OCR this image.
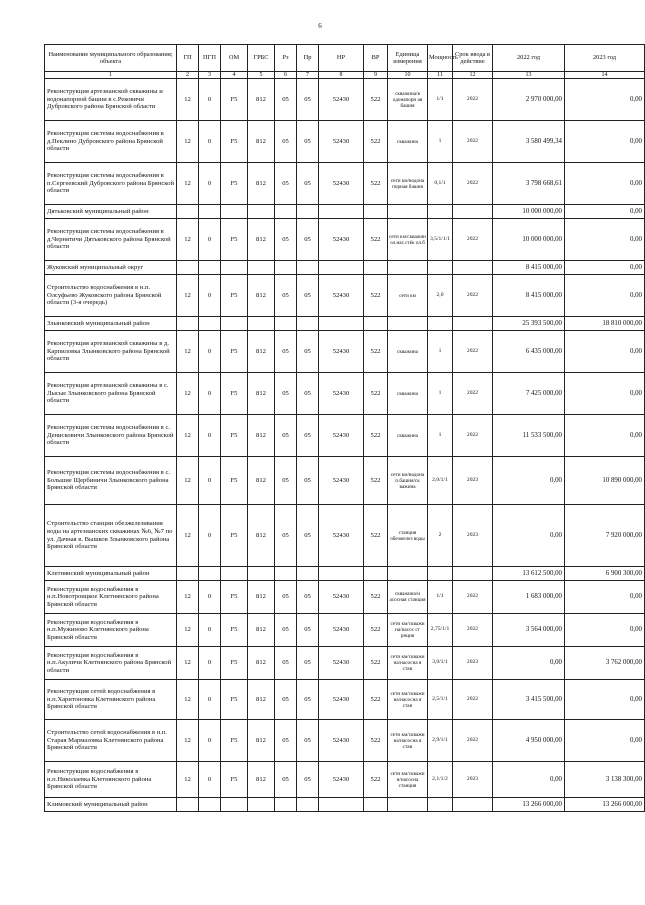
6
Наименование муниципального образования; объекта	ГП	ПГП	ОМ	ГРБС	Рз	Пр	НР	ВР	Единица измерения	Мощность	Срок ввода в действие	2022 год	2023 год
1	2	3	4	5	6	7	8	9	10	11	12	13	14
Реконструкция артезианской скважины и водонапорной башни в с.Рековичи Дубровского района Брянской области	12	0	F5	812	05	05	52430	522	скважина/в одонапорн ая башня	1/1	2022	2 970 000,00	0,00
Реконструкция системы водоснабжения в д.Пеклино Дубровского района Брянской области	12	0	F5	812	05	05	52430	522	скважина	1	2022	3 580 499,34	0,00
Реконструкция системы водоснабжения в п.Сергеевский Дубровского района Брянской области	12	0	F5	812	05	05	52430	522	сети км/водона порная башня	0,1/1	2022	3 798 668,61	0,00
Дятьковский муниципальный район												10 000 000,00	0,00
Реконструкция системы водоснабжения в д.Чернятичи Дятьковского района Брянской области	12	0	F5	812	05	05	52430	522	сети км/скважин ол.нас.стёк ол.б	3,5/1/1/1	2022	10 000 000,00	0,00
Жуковский муниципальный округ												8 415 000,00	0,00
Строительство водоснабжения в н.п. Олсуфьево Жуковского района Брянской области (3-я очередь)	12	0	F5	812	05	05	52430	522	сети км	2,0	2022	8 415 000,00	0,00
Злынковский муниципальный район												25 393 500,00	18 810 000,00
Реконструкция артезианской скважины в д. Карпиловка Злынковского района Брянской области	12	0	F5	812	05	05	52430	522	скважина	1	2022	6 435 000,00	0,00
Реконструкция артезианской скважины в с. Лысые Злынковского района Брянской области	12	0	F5	812	05	05	52430	522	скважина	1	2022	7 425 000,00	0,00
Реконструкция системы водоснабжения в с. Денисковичи Злынковского района Брянской области	12	0	F5	812	05	05	52430	522	скважина	1	2022	11 533 500,00	0,00
Реконструкция системы водоснабжения в с. Большие Щербиничи Злынковского района Брянской области	12	0	F5	812	05	05	52430	522	сети км/водона п.башня/ск важина	2,0/1/1	2023	0,00	10 890 000,00
Строительство станции обезжелезивания воды на артезианских скважинах №6, №7 по ул. Дачная в. Вышков Злынковского района Брянской области	12	0	F5	812	05	05	52430	522	станция обезжелез воды	2	2023	0,00	7 920 000,00
Клетнянский муниципальный район												13 612 500,00	6 900 300,00
Реконструкция водоснабжения в н.п.Новотроицкое Клетнянского района Брянской области	12	0	F5	812	05	05	52430	522	скважина/н асосная станция	1/1	2022	1 683 000,00	0,00
Реконструкция водоснабжения в н.п.Мужиново Клетнянского района Брянской области	12	0	F5	812	05	05	52430	522	сети км/скважи на/насос ст рнция	2,75/1/1	2022	3 564 000,00	0,00
Реконструкция водоснабжения в н.п.Акуличи Клетнянского района Брянской области	12	0	F5	812	05	05	52430	522	сети км/скважи на/насосна я стан	3,0/1/1	2023	0,00	3 762 000,00
Реконструкция сетей водоснабжения в н.п.Харитоновка Клетнянского района Брянской области	12	0	F5	812	05	05	52430	522	сети км/скважи на/насосна я стан	2,5/1/1	2022	3 415 500,00	0,00
Строительство сетей водоснабжения в н.п. Старая Мармазовка Клетнянского района Брянской области	12	0	F5	812	05	05	52430	522	сети км/скважи на/насосна я стан	2,9/1/1	2022	4 950 000,00	0,00
Реконструкция водоснабжения в н.п.Николаевка Клетнянского района Брянской области	12	0	F5	812	05	05	52430	522	сети км/скважи н/насосна станция	2,1/1/2	2023	0,00	3 138 300,00
Климовский муниципальный район												13 266 000,00	13 266 000,00
